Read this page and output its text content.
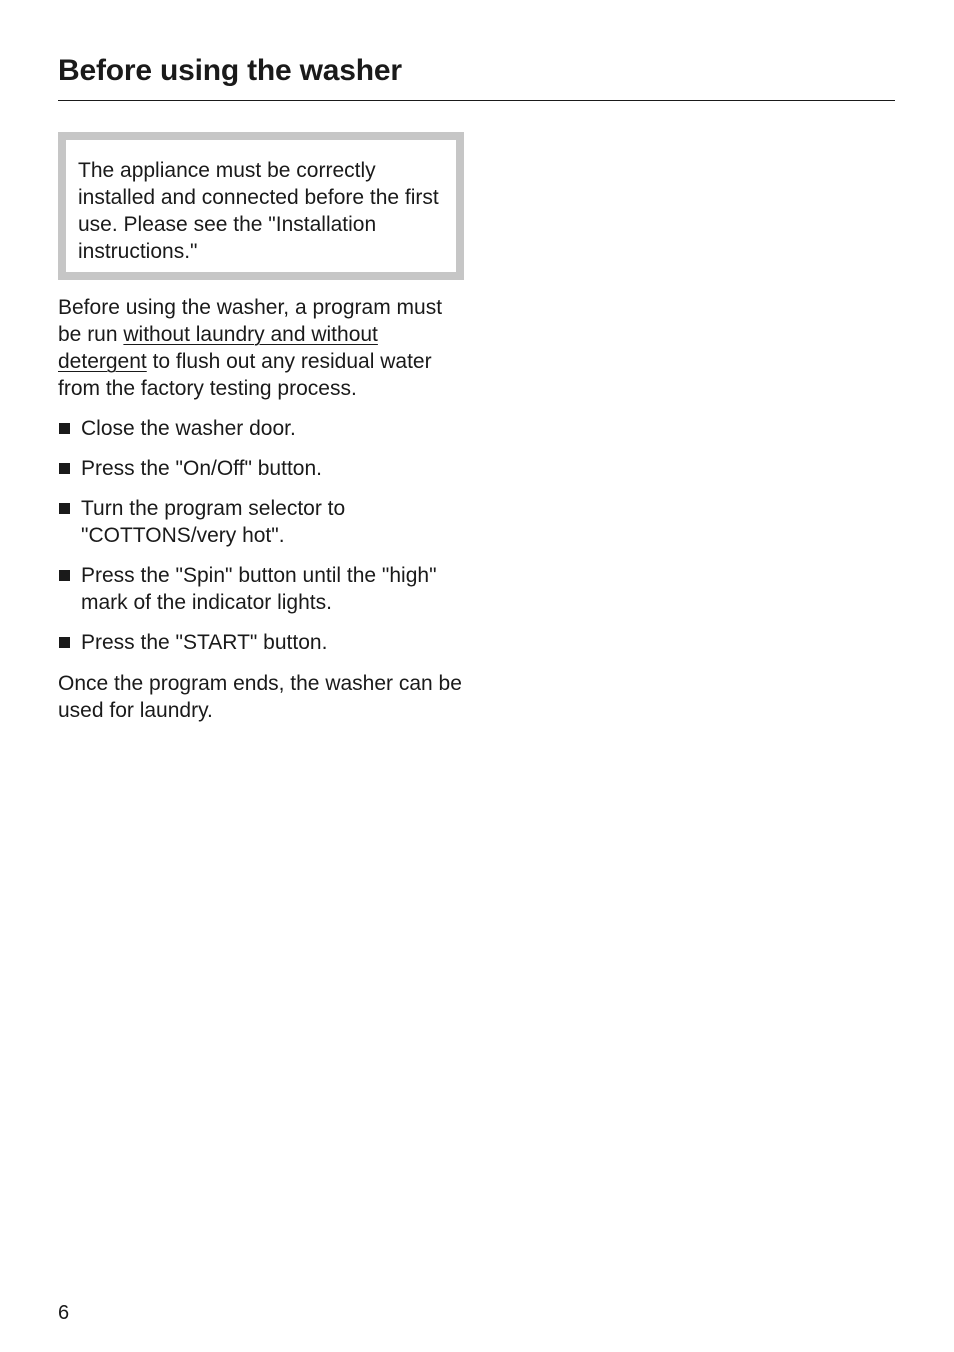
Before using the washer

The appliance must be correctly installed and connected before the first use. Please see the "Installation instructions."

Before using the washer, a program must be run without laundry and without detergent to flush out any residual water from the factory testing process.

Close the washer door.
Press the "On/Off" button.
Turn the program selector to "COTTONS/very hot".
Press the "Spin" button until the "high" mark of the indicator lights.
Press the "START" button.

Once the program ends, the washer can be used for laundry.

6
